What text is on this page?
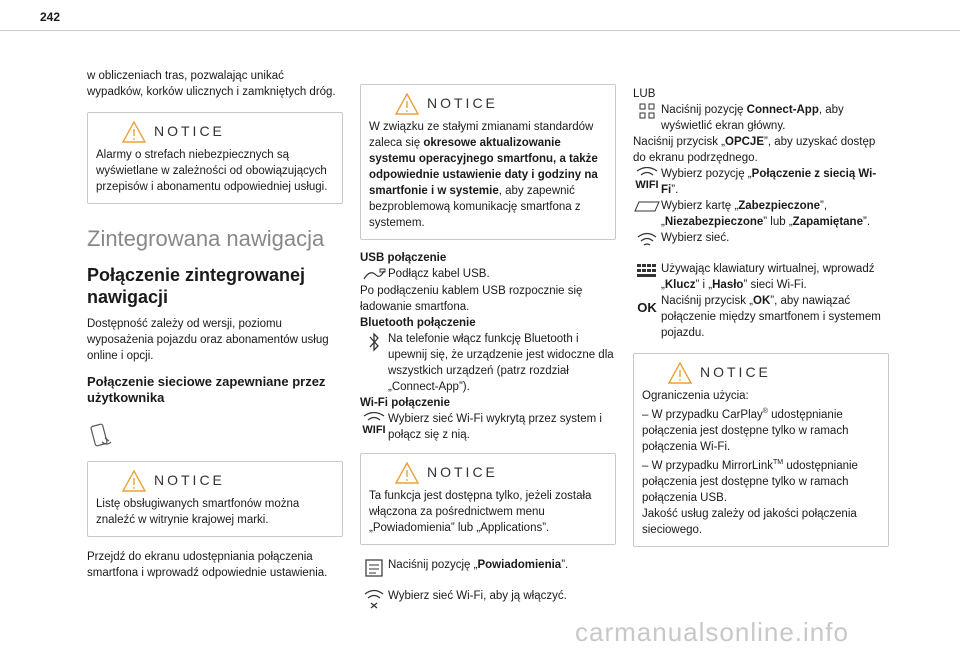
242

w obliczeniach tras, pozwalając unikać wypadków, korków ulicznych i zamkniętych dróg.

NOTICE

Alarmy o strefach niebezpiecznych są wyświetlane w zależności od obowiązujących przepisów i abonamentu odpowiedniej usługi.

Zintegrowana nawigacja
Połączenie zintegrowanej nawigacji

Dostępność zależy od wersji, poziomu wyposażenia pojazdu oraz abonamentów usług online i opcji.

Połączenie sieciowe zapewniane przez użytkownika
NOTICE

Listę obsługiwanych smartfonów można znaleźć w witrynie krajowej marki.

Przejdź do ekranu udostępniania połączenia smartfona i wprowadź odpowiednie ustawienia.

NOTICE

W związku ze stałymi zmianami standardów zaleca się okresowe aktualizowanie systemu operacyjnego smartfonu, a także odpowiednie ustawienie daty i godziny na smartfonie i w systemie, aby zapewnić bezproblemową komunikację smartfona z systemem.

USB połączenie

Podłącz kabel USB.

Po podłączeniu kablem USB rozpocznie się ładowanie smartfona.

Bluetooth połączenie

Na telefonie włącz funkcję Bluetooth i upewnij się, że urządzenie jest widoczne dla wszystkich urządzeń (patrz rozdział „Connect-App”).

Wi-Fi połączenie

WIFI
Wybierz sieć Wi-Fi wykrytą przez system i połącz się z nią.
NOTICE

Ta funkcja jest dostępna tylko, jeżeli została włączona za pośrednictwem menu „Powiadomienia” lub „Applications”.

Naciśnij pozycję „Powiadomienia”.
Wybierz sieć Wi-Fi, aby ją włączyć.

LUB

Naciśnij pozycję Connect-App, aby wyświetlić ekran główny.

Naciśnij przycisk „OPCJE”, aby uzyskać dostęp do ekranu podrzędnego.

WIFI
Wybierz pozycję „Połączenie z siecią Wi-Fi”.
Wybierz kartę „Zabezpieczone”, „Niezabezpieczone” lub „Zapamiętane”.
Wybierz sieć.
Używając klawiatury wirtualnej, wprowadź „Klucz” i „Hasło” sieci Wi-Fi.
OK Naciśnij przycisk „OK”, aby nawiązać połączenie między smartfonem i systemem pojazdu.
NOTICE

Ograniczenia użycia:

– W przypadku CarPlay® udostępnianie połączenia jest dostępne tylko w ramach połączenia Wi-Fi.

– W przypadku MirrorLink™ udostępnianie połączenia jest dostępne tylko w ramach połączenia USB.

Jakość usług zależy od jakości połączenia sieciowego.

carmanualsonline.info
